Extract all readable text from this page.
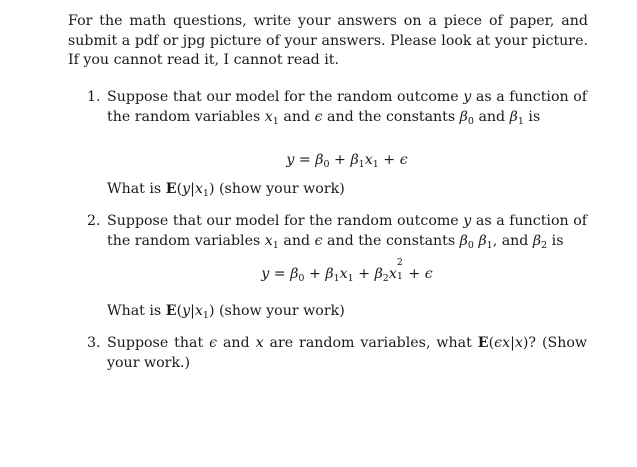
For the math questions, write your answers on a piece of paper, and submit a pdf or jpg picture of your answers. Please look at your picture. If you cannot read it, I cannot read it.

1. Suppose that our model for the random outcome y as a function of the random variables $x_1$ and ϵ and the constants $\beta_0$ and $\beta_1$ is
$y = \beta_0 + \beta_1x_1 + \epsilon$
What is $E(y|x_1)$ (show your work)
2. Suppose that our model for the random outcome y as a function of the random variables $x_1$ and ϵ and the constants $\beta_0$ $\beta_1$, and $\beta_2$ is
$y = \beta_0 + \beta_1x_1 + \beta_2x$
2
1 + ϵ
What is $E(y|x_1)$ (show your work)
3. Suppose that ϵ and x are random variables, what E(ϵx|x)? (Show your work.)
